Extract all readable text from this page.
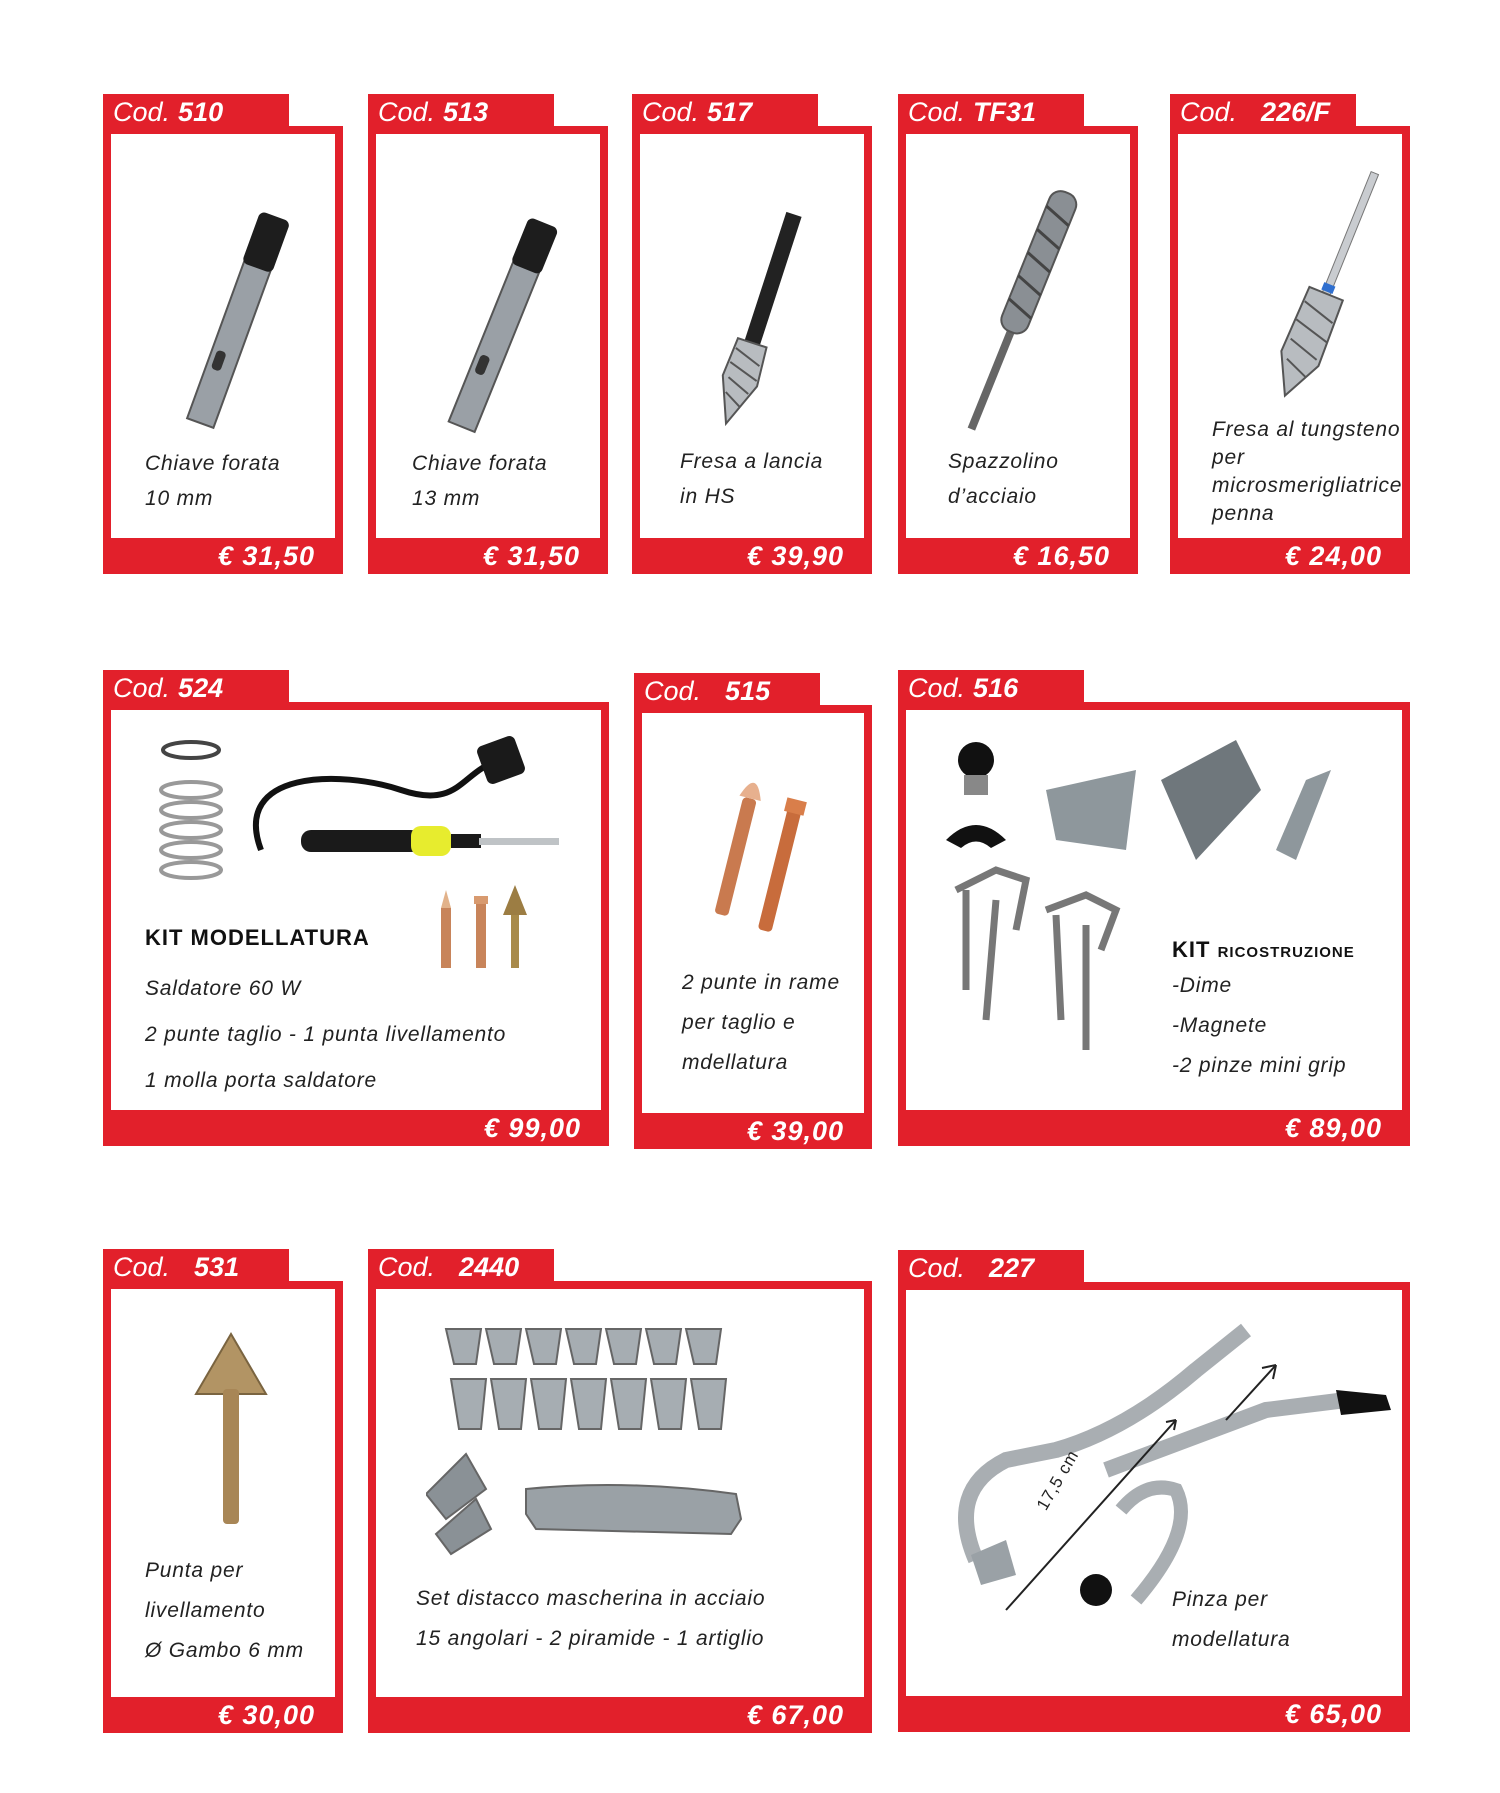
Cod. 510
Chiave forata
10 mm
€ 31,50
Cod. 513
Chiave forata
13 mm
€ 31,50
Cod. 517
Fresa a lancia
in HS
€ 39,90
Cod. TF31
Spazzolino
d’acciaio
€ 16,50
Cod. 226/F
Fresa al tungsteno
per
microsmerigliatrice
penna
€ 24,00
Cod. 524
KIT MODELLATURA
Saldatore 60 W
2 punte taglio - 1 punta livellamento
1 molla porta saldatore
€ 99,00
Cod. 515
2 punte in rame
per taglio e
mdellatura
€ 39,00
Cod. 516
KIT RICOSTRUZIONE
-Dime
-Magnete
-2 pinze mini grip
€ 89,00
Cod. 531
Punta per
livellamento
Ø Gambo 6 mm
€ 30,00
Cod. 2440
Set distacco mascherina in acciaio
15 angolari - 2 piramide - 1 artiglio
€ 67,00
Cod. 227
17,5 cm
Pinza per
modellatura
€ 65,00
